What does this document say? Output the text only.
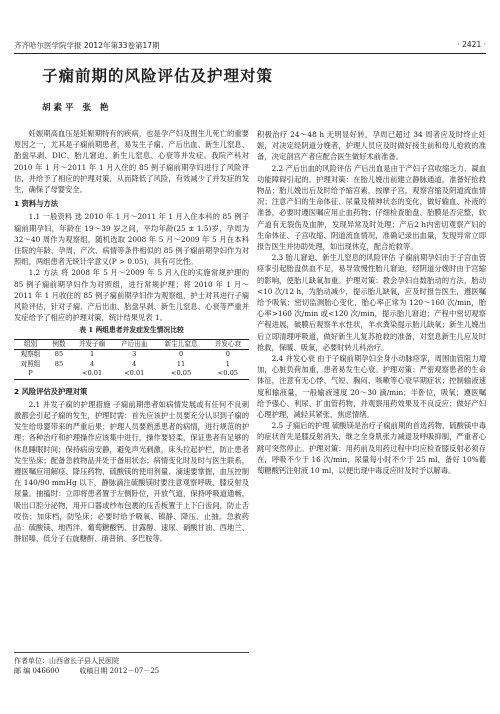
齐齐哈尔医学院学报 2012年第33卷第17期	· 2421 ·
子痫前期的风险评估及护理对策
胡素平 张 艳

妊娠期高血压是妊娠期特有的疾病，也是孕产妇及围生儿死亡的重要原因之一，尤其是子痫前期患者，易发生子痫、产后出血、新生儿窒息、胎盘早剥、DIC、胎儿窘迫、新生儿窒息、心衰等并发症。我院产科对 2010 年 1 月～2011 年 1 月入住的 85 例子痫前期孕妇进行了风险评估，并给予了相应的护理对策，从而降低了风险，有效减少了并发症的发生，确保了母婴安全。

1 资料与方法

1.1 一般资料 选 2010 年 1 月～2011 年 1 月入住本科的 85 例子痫前期孕妇，年龄在 19～39 岁之间，平均年龄(25 ± 1.5)岁，孕周为 32～40 周作为观察组，随机选取 2008 年 5 月～2009 年 5 月在本科住院的年龄、孕周、产次、病情等条件相似的 85 例子痫前期孕妇作为对照组，两组患者无统计学意义(P > 0.05)，具有可比性。

1.2 方法 将 2008 年 5 月～2009 年 5 月入住的实施常规护理的 85 例子痫前期孕妇作为对照组，进行常规护理；将 2010 年 1 月～2011 年 1 月收住的 85 例子痫前期孕妇作为观察组，护士对其进行子痫风险评估，针对子痫、产后出血、胎盘早剥、新生儿窒息、心衰等严重并发症给予了相应的护理对策，统计结果见表 1。

表 1 两组患者并发症发生情况比较
组别	例数	并发子痫	产后出血	新生儿窒息	并发心衰
观察组	85	1	3	0	0
对照组	85	4	4	11	1
P		<0.01	<0.01	<0.05	<0.05
2 风险评估及护理对策

2.1 并发子痫的护理措施 子痫前期患者如病情发展或有任何不良刺激都会引起子痫的发生，护理时需：首先应该护士员要充分认识到子痫的发生给母婴带来的严重后果；护理人员要熟悉患者的病情，进行规范的护理；各种治疗和护理操作应该集中进行，操作要轻柔，保证患者有足够的休息睡眠时间；保持病房安静，避免声光刺激，床头拉起护栏，防止患者发生坠床；配备急救物品并处于备用状态；病情变化时及时与医生联系，遵医嘱应用解痉、降压药物，硫酸镁的使用剂量、滴速要掌握，血压控制在 140/90 mmHg 以下，静脉滴注硫酸镁时要注意观察呼吸、膝反射及尿量。抽搐时：立即将患者置于左侧卧位，开放气道，保持呼吸道通畅，吸出口腔分泌物，用开口器或纱布包裹的压舌板置于上下臼齿间，防止舌咬伤；加床档，防坠床；必要时给予吸氧、镇静、降压、止抽。急救药品：硫酸镁、地西泮、葡萄糖酸钙、甘露醇、速尿、硝酸甘油、西地兰、肼屈嗪、低分子右旋糖酐、硝普钠、多巴胺等。

积极治疗 24～48 h 无明显好转，孕周已超过 34 周者应及时终止妊娠，对决定经阴道分娩者，护理人员应及时做好接生前和母儿抢救的准备，决定剖宫产者应配合医生做好术前准备。

2.2 产后出血的风险评估 产后出血是由于产妇子宫收缩乏力、凝血功能障碍引起的。护理对策：在胎儿娩出前建立静脉通道，准备好抢救物品；胎儿娩出后及时给予缩宫素，按摩子宫，观察宫缩及阴道流血情况；注意产妇的生命体征、尿量及精神状态的变化，做好输血、补液的准备，必要时遵医嘱应用止血药物；仔细检查胎盘、胎膜是否完整，软产道有无裂伤及血肿，发现异常及时处理；产后2 h内密切观察产妇的生命体征、子宫收缩、阴道流血情况，准确记录出血量，发现异常立即报告医生并协助处理，如出现休克，配合抢救等。

2.3 胎儿窘迫、新生儿窒息的风险评估 子痫前期孕妇由于子宫血管痉挛引起胎盘供血不足，易导致慢性胎儿窘迫，经阴道分娩时由于宫缩的影响，使胎儿缺氧加重。护理对策：教会孕妇自数胎动的方法，胎动<10 次/12 h，为胎动减少，提示胎儿缺氧，应及时报告医生，遵医嘱给予吸氧；密切监测胎心变化，胎心率正常为 120～160 次/min，胎心率>160 次/min 或<120 次/min，提示胎儿窘迫；产程中密切观察产程进展，破膜后观察羊水性状，羊水粪染提示胎儿缺氧；新生儿娩出后立即清理呼吸道，做好新生儿复苏抢救的准备，对窒息新生儿应及时抢救，保暖、吸氧，必要时转儿科治疗。

2.4 并发心衰 由于子痫前期孕妇全身小动脉痉挛，周围血管阻力增加，心脏负荷加重，患者易发生心衰。护理对策：严密观察患者的生命体征，注意有无心悸、气短、胸闷、咳嗽等心衰早期症状；控制输液速度和输液量，一般输液速度 20～30 滴/min；半卧位，吸氧；遵医嘱给予强心、利尿、扩血管药物，并观察用药效果及不良反应；做好产妇心理护理，减轻其紧张、焦虑情绪。

2.5 子痫后的护理 硫酸镁是治疗子痫前期的首选药物，硫酸镁中毒的症状首先是膝反射消失，继之全身肌张力减退及呼吸抑制，严重者心跳可突然停止。护理对策：用药前及用药过程中均应检查膝反射必须存在，呼吸不少于 16 次/min，尿量每小时不少于 25 ml，备好 10%葡萄糖酸钙注射液 10 ml，以便出现中毒反应时及时予以解毒。

作者单位：山西省长子县人民医院
邮 编 046600	收稿日期 2012－07－25
